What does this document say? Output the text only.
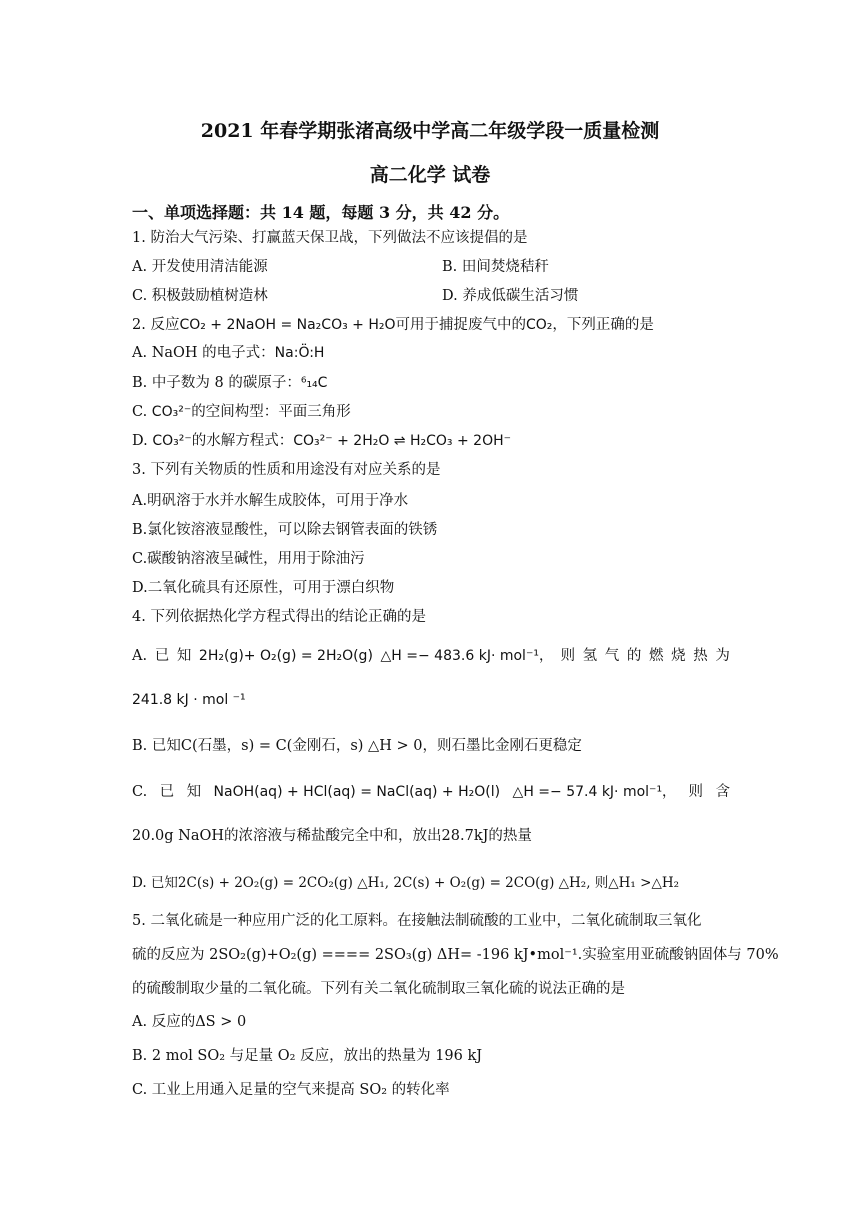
2021 年春学期张渚高级中学高二年级学段一质量检测
高二化学 试卷
一、单项选择题：共 14 题，每题 3 分，共 42 分。
1. 防治大气污染、打赢蓝天保卫战，下列做法不应该提倡的是
A. 开发使用清洁能源	B. 田间焚烧秸秆
C. 积极鼓励植树造林	D. 养成低碳生活习惯
2. 反应CO₂ + 2NaOH = Na₂CO₃ + H₂O可用于捕捉废气中的CO₂，下列正确的是
A. NaOH 的电子式：Na:Ö:H
B. 中子数为 8 的碳原子：⁶₁₄C
C. CO₃²⁻的空间构型：平面三角形
D. CO₃²⁻的水解方程式：CO₃²⁻ + 2H₂O ⇌ H₂CO₃ + 2OH⁻
3. 下列有关物质的性质和用途没有对应关系的是
A.明矾溶于水并水解生成胶体，可用于净水
B.氯化铵溶液显酸性，可以除去钢管表面的铁锈
C.碳酸钠溶液呈碱性，用用于除油污
D.二氧化硫具有还原性，可用于漂白织物
4. 下列依据热化学方程式得出的结论正确的是
A. 已 知 2H₂(g)+ O₂(g) = 2H₂O(g) △H =− 483.6 kJ· mol⁻¹， 则 氢 气 的 燃 烧 热 为
241.8 kJ · mol ⁻¹
B. 已知C(石墨，s) = C(金刚石，s) △H > 0，则石墨比金刚石更稳定
C. 已 知 NaOH(aq) + HCl(aq) = NaCl(aq) + H₂O(l) △H =− 57.4 kJ· mol⁻¹， 则 含
20.0g NaOH的浓溶液与稀盐酸完全中和，放出28.7kJ的热量
D. 已知2C(s) + 2O₂(g) = 2CO₂(g) △H₁, 2C(s) + O₂(g) = 2CO(g) △H₂, 则△H₁ >△H₂
5. 二氧化硫是一种应用广泛的化工原料。在接触法制硫酸的工业中，二氧化硫制取三氧化
硫的反应为 2SO₂(g)+O₂(g) ==== 2SO₃(g) ΔH= -196 kJ•mol⁻¹.实验室用亚硫酸钠固体与 70%
的硫酸制取少量的二氧化硫。下列有关二氧化硫制取三氧化硫的说法正确的是
A. 反应的ΔS > 0
B. 2 mol SO₂ 与足量 O₂ 反应，放出的热量为 196 kJ
C. 工业上用通入足量的空气来提高 SO₂ 的转化率
